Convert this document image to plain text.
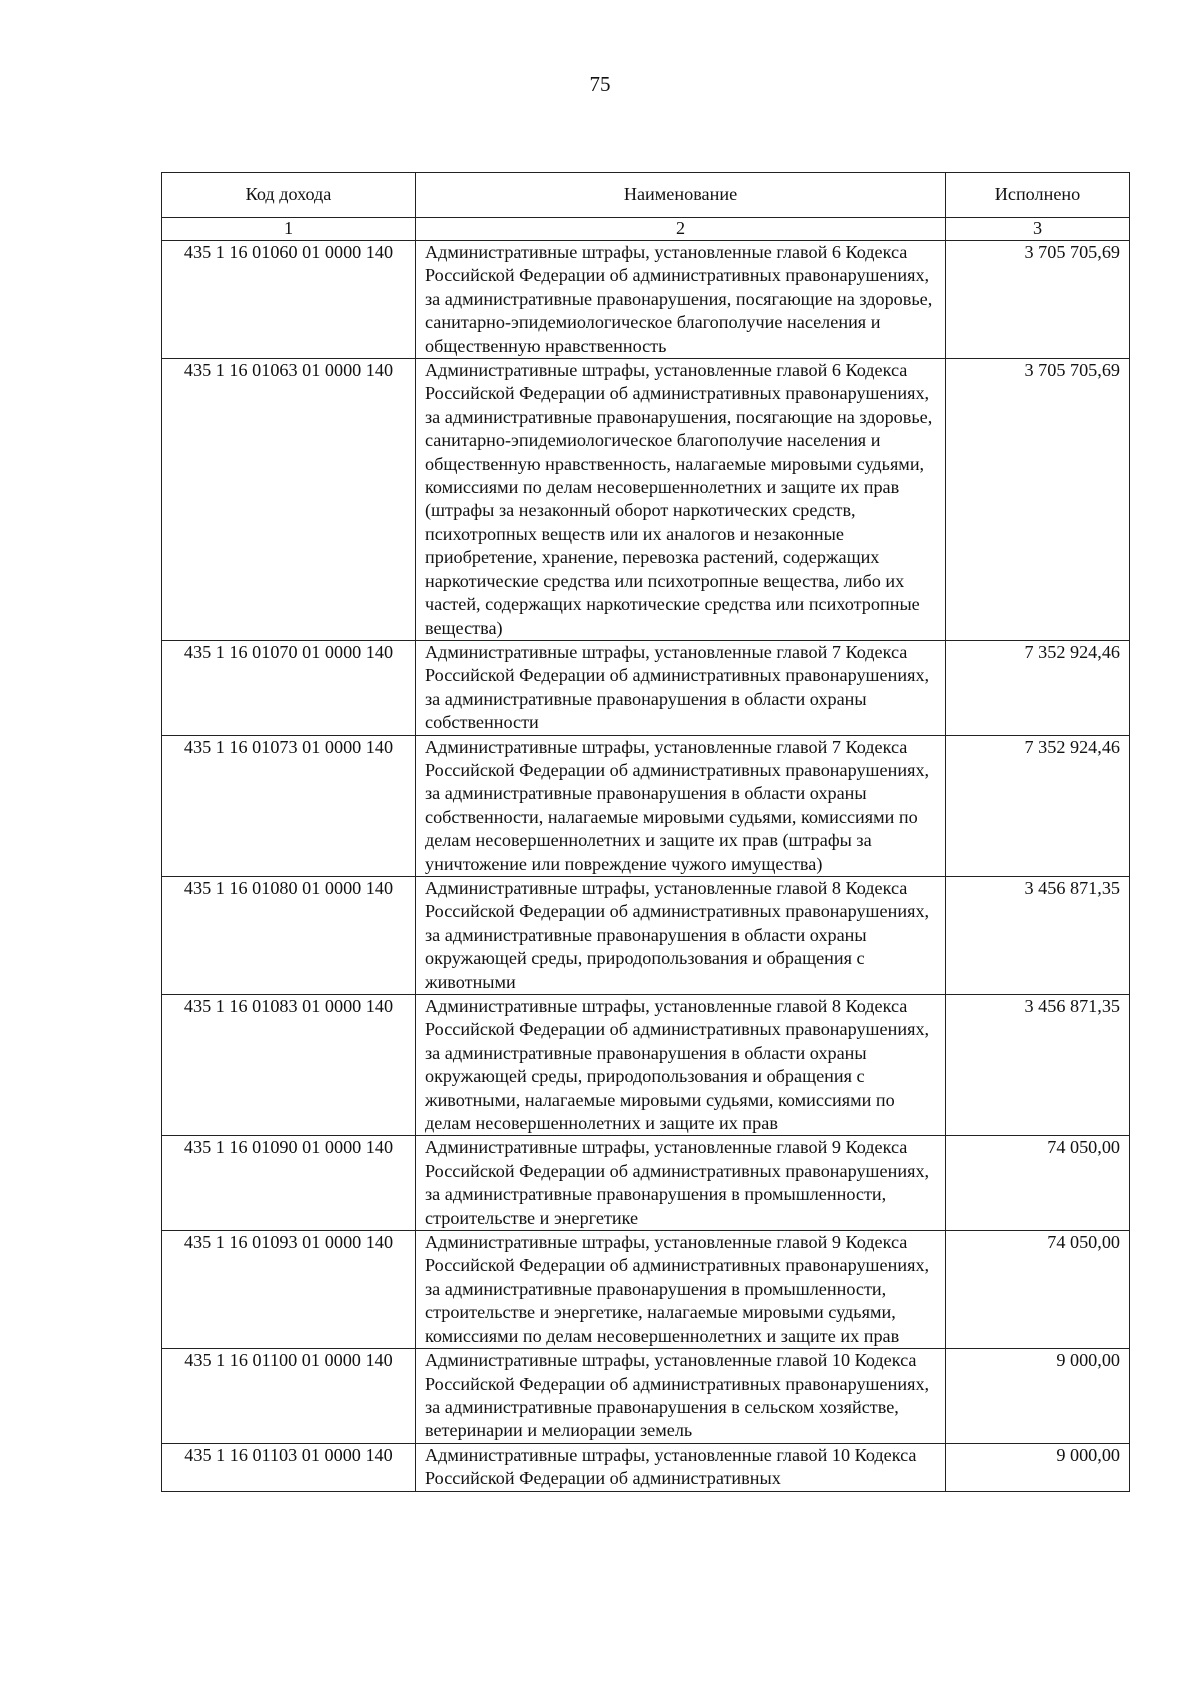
75
Код дохода	Наименование	Исполнено
1	2	3
435 1 16 01060 01 0000 140	Административные штрафы, установленные главой 6 Кодекса Российской Федерации об административных правонарушениях, за административные правонарушения, посягающие на здоровье, санитарно-эпидемиологическое благополучие населения и общественную нравственность	3 705 705,69
435 1 16 01063 01 0000 140	Административные штрафы, установленные главой 6 Кодекса Российской Федерации об административных правонарушениях, за административные правонарушения, посягающие на здоровье, санитарно-эпидемиологическое благополучие населения и общественную нравственность, налагаемые мировыми судьями, комиссиями по делам несовершеннолетних и защите их прав (штрафы за незаконный оборот наркотических средств, психотропных веществ или их аналогов и незаконные приобретение, хранение, перевозка растений, содержащих наркотические средства или психотропные вещества, либо их частей, содержащих наркотические средства или психотропные вещества)	3 705 705,69
435 1 16 01070 01 0000 140	Административные штрафы, установленные главой 7 Кодекса Российской Федерации об административных правонарушениях, за административные правонарушения в области охраны собственности	7 352 924,46
435 1 16 01073 01 0000 140	Административные штрафы, установленные главой 7 Кодекса Российской Федерации об административных правонарушениях, за административные правонарушения в области охраны собственности, налагаемые мировыми судьями, комиссиями по делам несовершеннолетних и защите их прав (штрафы за уничтожение или повреждение чужого имущества)	7 352 924,46
435 1 16 01080 01 0000 140	Административные штрафы, установленные главой 8 Кодекса Российской Федерации об административных правонарушениях, за административные правонарушения в области охраны окружающей среды, природопользования и обращения с животными	3 456 871,35
435 1 16 01083 01 0000 140	Административные штрафы, установленные главой 8 Кодекса Российской Федерации об административных правонарушениях, за административные правонарушения в области охраны окружающей среды, природопользования и обращения с животными, налагаемые мировыми судьями, комиссиями по делам несовершеннолетних и защите их прав	3 456 871,35
435 1 16 01090 01 0000 140	Административные штрафы, установленные главой 9 Кодекса Российской Федерации об административных правонарушениях, за административные правонарушения в промышленности, строительстве и энергетике	74 050,00
435 1 16 01093 01 0000 140	Административные штрафы, установленные главой 9 Кодекса Российской Федерации об административных правонарушениях, за административные правонарушения в промышленности, строительстве и энергетике, налагаемые мировыми судьями, комиссиями по делам несовершеннолетних и защите их прав	74 050,00
435 1 16 01100 01 0000 140	Административные штрафы, установленные главой 10 Кодекса Российской Федерации об административных правонарушениях, за административные правонарушения в сельском хозяйстве, ветеринарии и мелиорации земель	9 000,00
435 1 16 01103 01 0000 140	Административные штрафы, установленные главой 10 Кодекса Российской Федерации об административных	9 000,00
